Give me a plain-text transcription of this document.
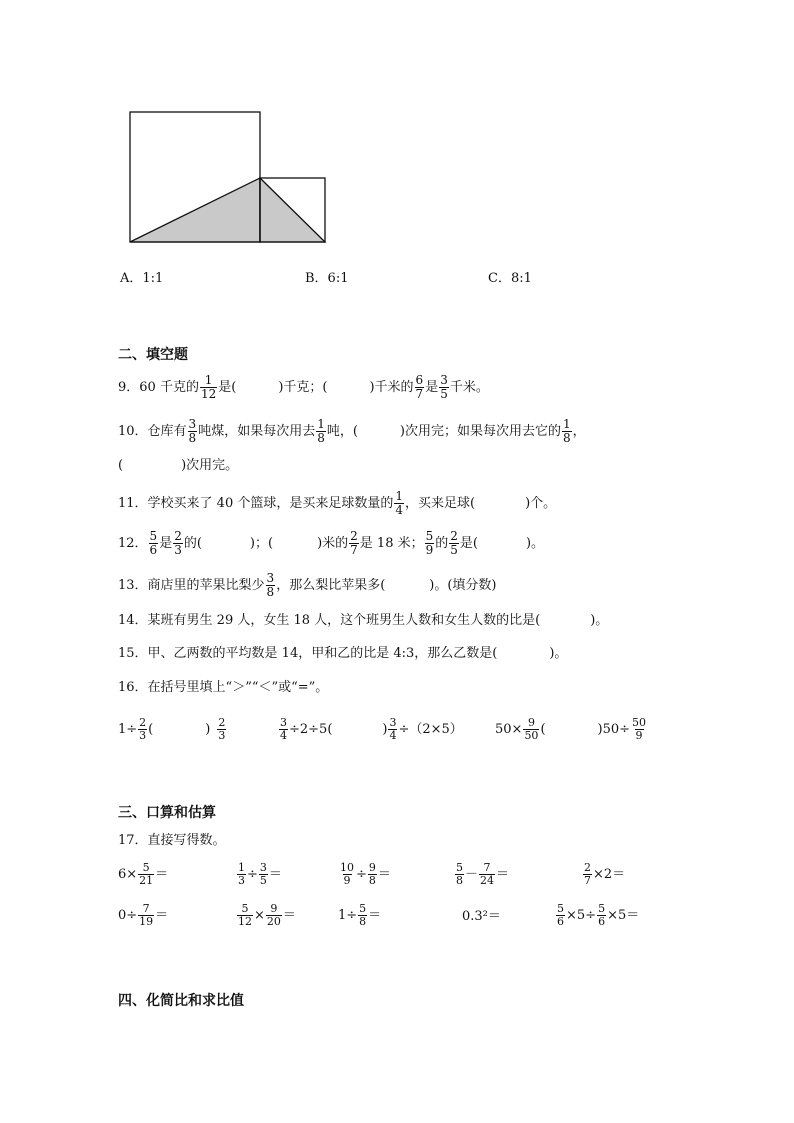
A．1:1	B．6:1	C．8:1
二、填空题
9．60 千克的 $\frac{1}{12}$ 是(	)千克；(	)千米的 $\frac{6}{7}$ 是 $\frac{3}{5}$ 千米。
10．仓库有 $\frac{3}{8}$ 吨煤，如果每次用去 $\frac{1}{8}$ 吨，(	)次用完；如果每次用去它的 $\frac{1}{8}$ ，
(	)次用完。
11．学校买来了 40 个篮球，是买来足球数量的 $\frac{1}{4}$ ，买来足球(	)个。
12． $\frac{5}{6}$ 是 $\frac{2}{3}$ 的(	)；(	)米的 $\frac{2}{7}$ 是 18 米； $\frac{5}{9}$ 的 $\frac{2}{5}$ 是(	)。
13．商店里的苹果比梨少 $\frac{3}{8}$ ，那么梨比苹果多(	)。(填分数)
14．某班有男生 29 人，女生 18 人，这个班男生人数和女生人数的比是(	)。
15．甲、乙两数的平均数是 14，甲和乙的比是 4:3，那么乙数是(	)。
16．在括号里填上“＞”“＜”或“=”。
$1\div \frac{2}{3}$ (	) $\frac{2}{3}$	$\frac{3}{4} \div 2\div 5$(	) $\frac{3}{4} \div(2\times 5)$ $50\times \frac{9}{50}$ (	)$50\div \frac{50}{9}$
三、口算和估算
17．直接写得数。
$6\times \frac{5}{21}$ ＝	$\frac{1}{3} \div \frac{3}{5}$ ＝	$\frac{10}{9} \div \frac{9}{8}$ ＝	$\frac{5}{8} - \frac{7}{24}$ ＝	$\frac{2}{7} \times 2=$
$0\div \frac{7}{19}$ ＝	$\frac{5}{12} \times \frac{9}{20}$ ＝	$1\div \frac{5}{8}$ ＝	0.3²＝	$\frac{5}{6} \times 5\div \frac{5}{6} \times 5=$
四、化简比和求比值
